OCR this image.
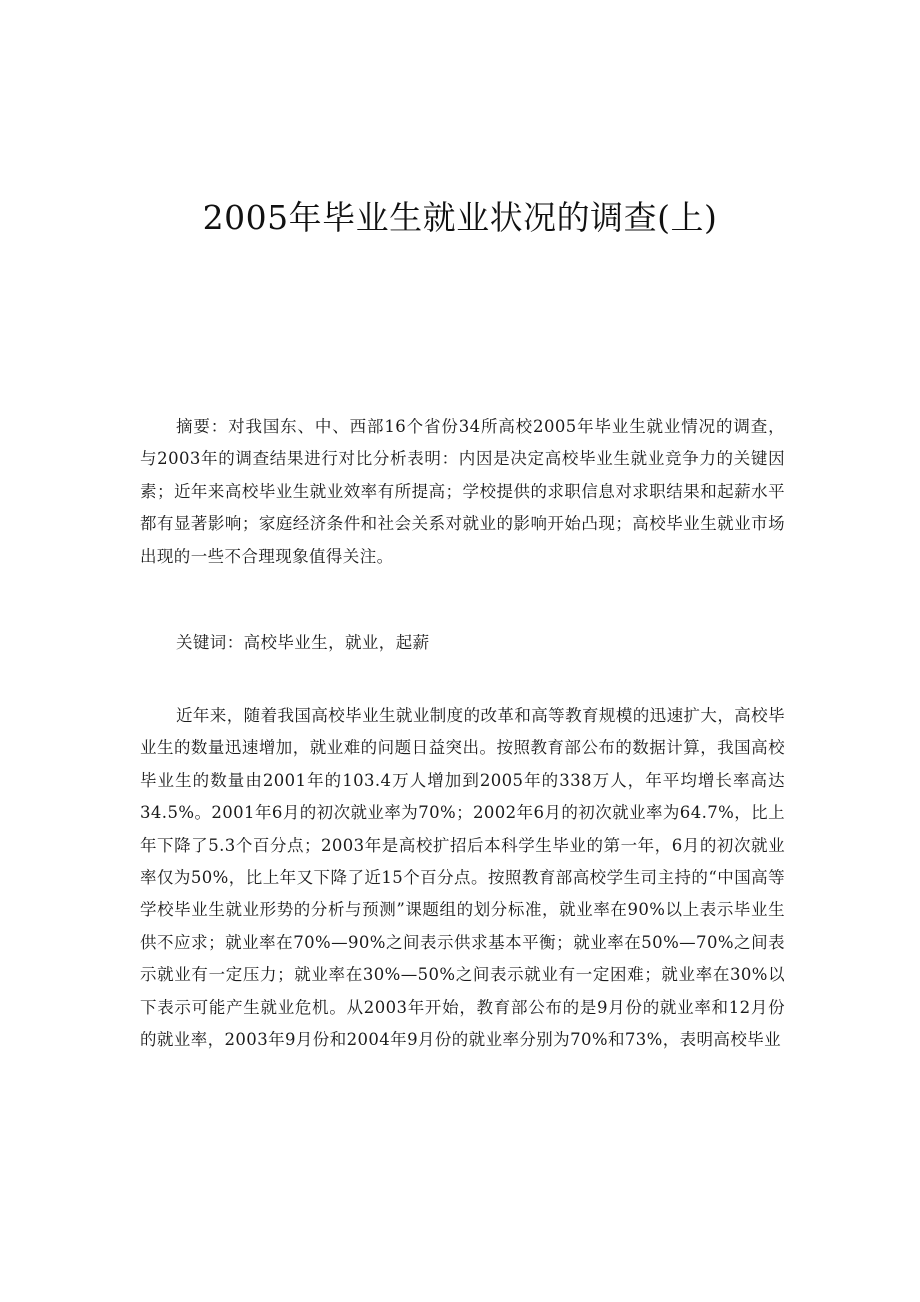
2005年毕业生就业状况的调查(上)

摘要：对我国东、中、西部16个省份34所高校2005年毕业生就业情况的调查，与2003年的调查结果进行对比分析表明：内因是决定高校毕业生就业竞争力的关键因素；近年来高校毕业生就业效率有所提高；学校提供的求职信息对求职结果和起薪水平都有显著影响；家庭经济条件和社会关系对就业的影响开始凸现；高校毕业生就业市场出现的一些不合理现象值得关注。

关键词：高校毕业生，就业，起薪

近年来，随着我国高校毕业生就业制度的改革和高等教育规模的迅速扩大，高校毕业生的数量迅速增加，就业难的问题日益突出。按照教育部公布的数据计算，我国高校毕业生的数量由2001年的103.4万人增加到2005年的338万人，年平均增长率高达34.5%。2001年6月的初次就业率为70%；2002年6月的初次就业率为64.7%，比上年下降了5.3个百分点；2003年是高校扩招后本科学生毕业的第一年，6月的初次就业率仅为50%，比上年又下降了近15个百分点。按照教育部高校学生司主持的“中国高等学校毕业生就业形势的分析与预测”课题组的划分标准，就业率在90%以上表示毕业生供不应求；就业率在70%—90%之间表示供求基本平衡；就业率在50%—70%之间表示就业有一定压力；就业率在30%—50%之间表示就业有一定困难；就业率在30%以下表示可能产生就业危机。从2003年开始，教育部公布的是9月份的就业率和12月份的就业率，2003年9月份和2004年9月份的就业率分别为70%和73%，表明高校毕业
